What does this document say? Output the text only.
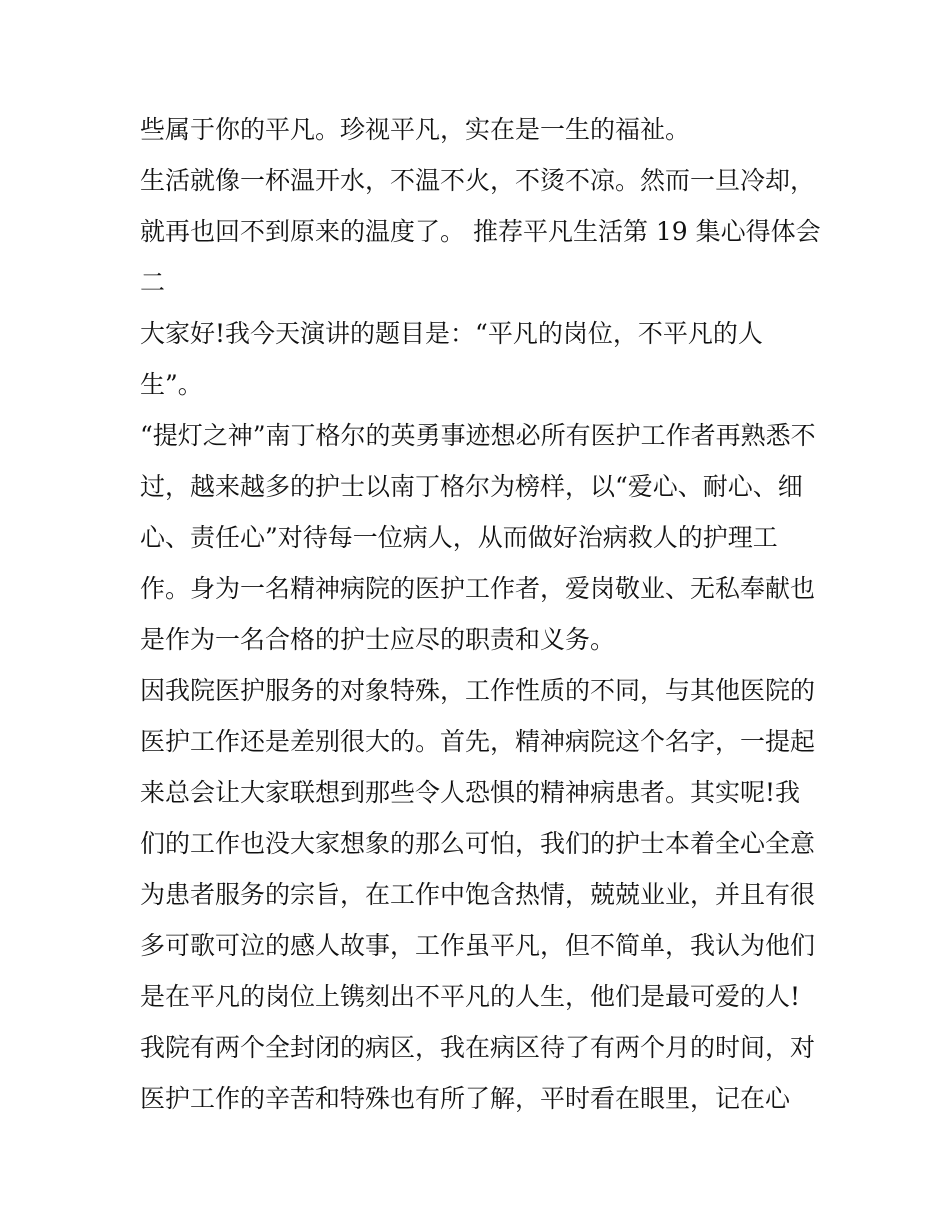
些属于你的平凡。珍视平凡，实在是一生的福祉。
生活就像一杯温开水，不温不火，不烫不凉。然而一旦冷却，
就再也回不到原来的温度了。 推荐平凡生活第 19 集心得体会
二
大家好!我今天演讲的题目是：“平凡的岗位，不平凡的人
生”。
“提灯之神”南丁格尔的英勇事迹想必所有医护工作者再熟悉不
过，越来越多的护士以南丁格尔为榜样，以“爱心、耐心、细
心、责任心”对待每一位病人，从而做好治病救人的护理工
作。身为一名精神病院的医护工作者，爱岗敬业、无私奉献也
是作为一名合格的护士应尽的职责和义务。
因我院医护服务的对象特殊，工作性质的不同，与其他医院的
医护工作还是差别很大的。首先，精神病院这个名字，一提起
来总会让大家联想到那些令人恐惧的精神病患者。其实呢!我
们的工作也没大家想象的那么可怕，我们的护士本着全心全意
为患者服务的宗旨，在工作中饱含热情，兢兢业业，并且有很
多可歌可泣的感人故事，工作虽平凡，但不简单，我认为他们
是在平凡的岗位上镌刻出不平凡的人生，他们是最可爱的人!
我院有两个全封闭的病区，我在病区待了有两个月的时间，对
医护工作的辛苦和特殊也有所了解，平时看在眼里，记在心
